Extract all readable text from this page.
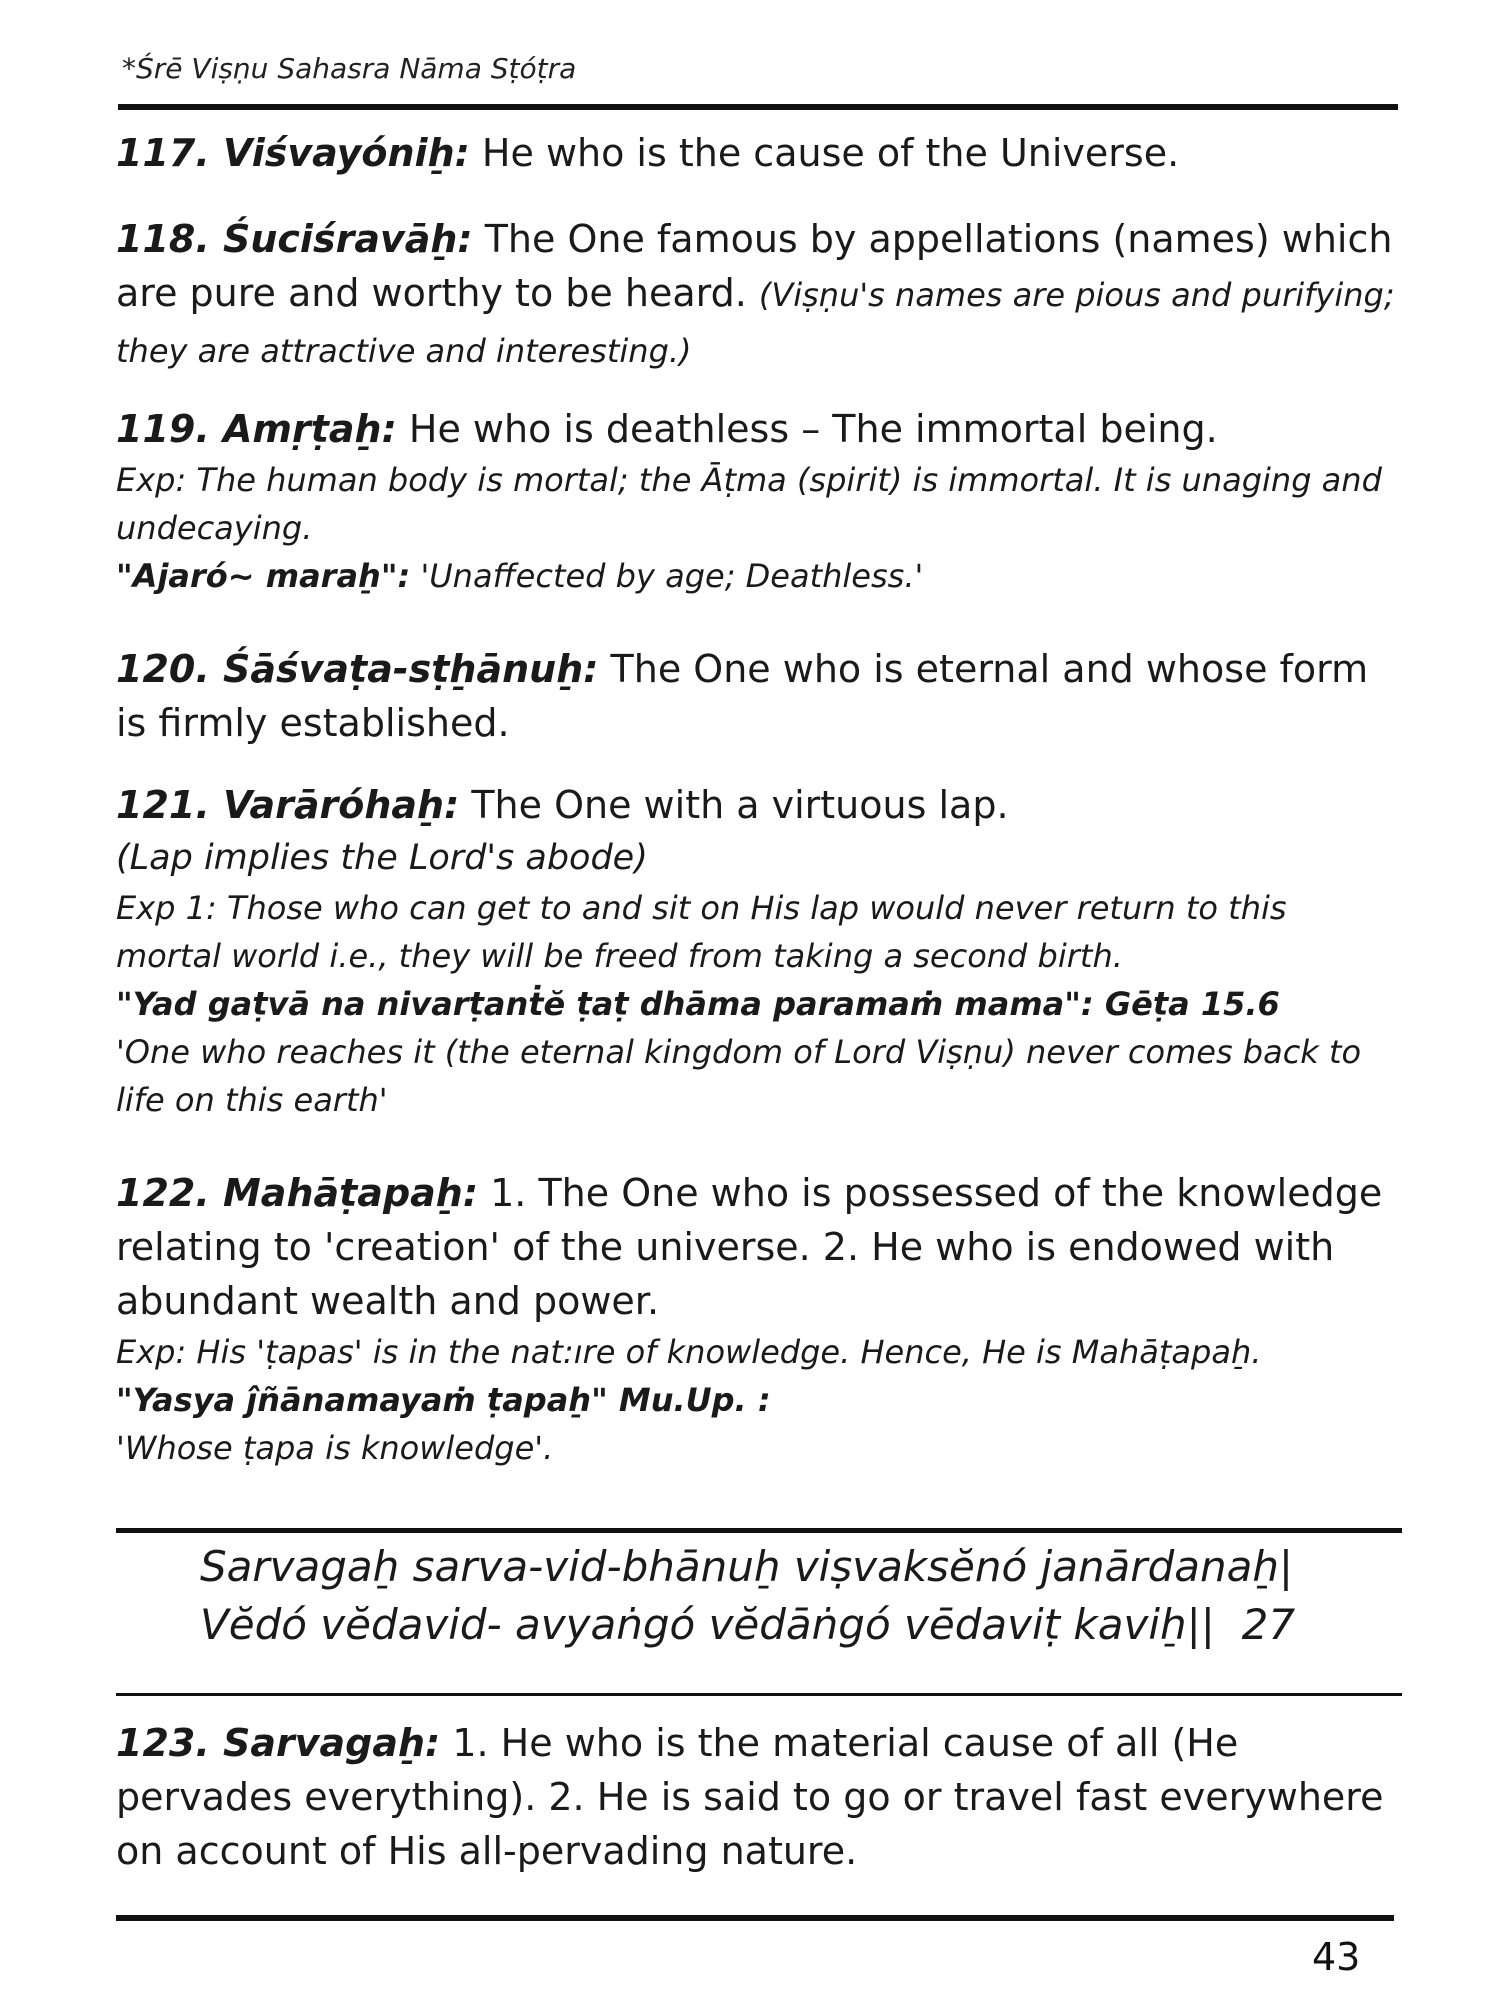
*Śrē Viṣṇu Sahasra Nāma Sṭóṭra

117. Viśvayónih̠: He who is the cause of the Universe.

118. Śuciśravāh̠: The One famous by appellations (names) which are pure and worthy to be heard. (Viṣṇu's names are pious and purifying; they are attractive and interesting.)

119. Amṛṭah̠: He who is deathless – The immortal being.

Exp: The human body is mortal; the Āṭma (spirit) is immortal. It is unaging and undecaying.

"Ajaró~ marah̠": 'Unaffected by age; Deathless.'

120. Śāśvaṭa-sṭh̠ānuh̠: The One who is eternal and whose form is firmly established.

121. Varāróhah̠: The One with a virtuous lap.

(Lap implies the Lord's abode)

Exp 1: Those who can get to and sit on His lap would never return to this mortal world i.e., they will be freed from taking a second birth.

"Yad gaṭvā na nivarṭanṫĕ ṭaṭ dhāma paramaṁ mama": Gēṭa 15.6

'One who reaches it (the eternal kingdom of Lord Viṣṇu) never comes back to life on this earth'

122. Mahāṭapah̠: 1. The One who is possessed of the knowledge relating to 'creation' of the universe. 2. He who is endowed with abundant wealth and power.

Exp: His 'ṭapas' is in the nat:ıre of knowledge. Hence, He is Mahāṭapah̠.

"Yasya ĵñānamayaṁ ṭapah̠" Mu.Up. :

'Whose ṭapa is knowledge'.

Sarvagah̠ sarva-vid-bhānuh̠ viṣvaksĕnó janārdanah̠|
Vĕdó vĕdavid- avyaṅgó vĕdāṅgó vēdaviṭ kavih̠|| 27

123. Sarvagah̠: 1. He who is the material cause of all (He pervades everything). 2. He is said to go or travel fast everywhere on account of His all-pervading nature.

43
